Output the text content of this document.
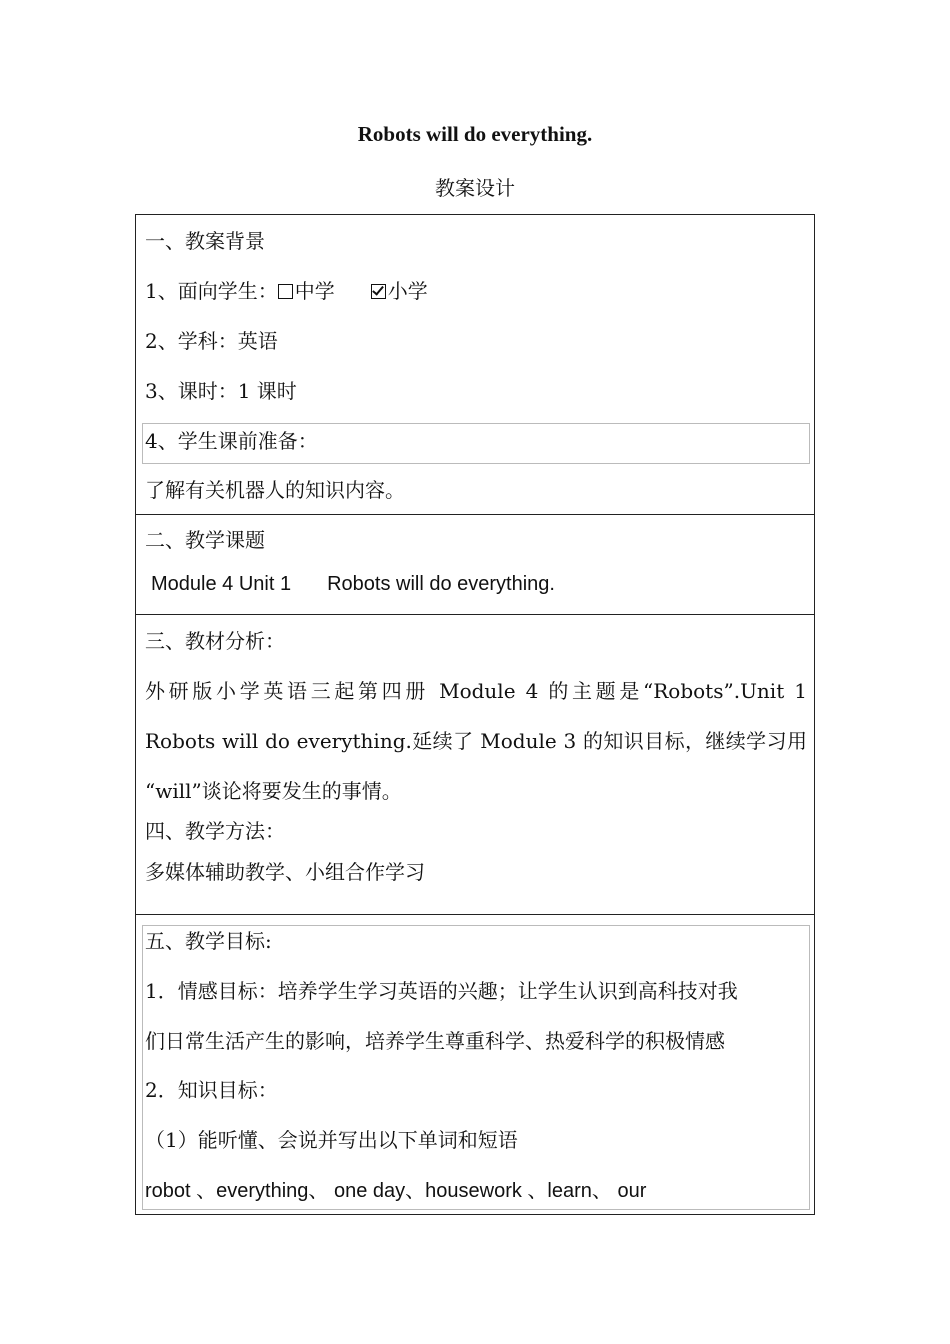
Robots will do everything.
教案设计
一、教案背景
1、面向学生： 中学	小学
2、学科：英语
3、课时：1 课时
4、学生课前准备：
了解有关机器人的知识内容。
二、教学课题
Module 4 Unit 1 Robots will do everything.
三、教材分析：
外研版小学英语三起第四册 Module 4 的主题是“Robots”.Unit 1
Robots will do everything.延续了 Module 3 的知识目标，继续学习用
“will”谈论将要发生的事情。
四、教学方法：
多媒体辅助教学、小组合作学习
五、教学目标:
1．情感目标：培养学生学习英语的兴趣；让学生认识到高科技对我
们日常生活产生的影响，培养学生尊重科学、热爱科学的积极情感
2．知识目标：
（1）能听懂、会说并写出以下单词和短语
robot 、everything、 one day、housework 、learn、 our
